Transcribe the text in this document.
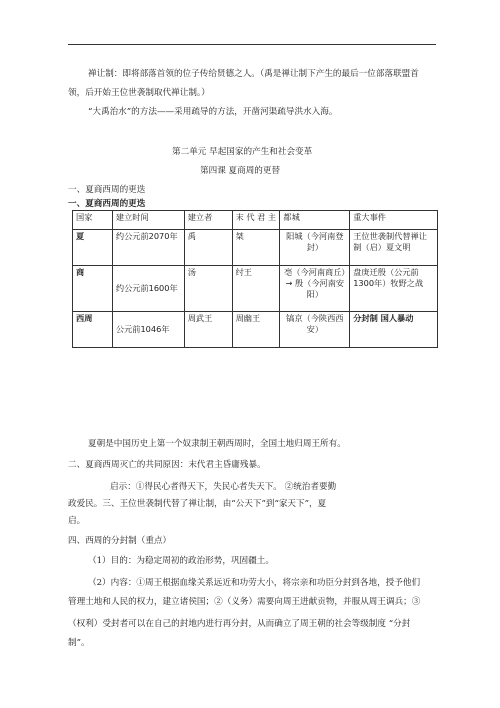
禅让制：即将部落首领的位子传给贤德之人。（禹是禅让制下产生的最后一位部落联盟首
领，后开始王位世袭制取代禅让制。）
“大禹治水”的方法——采用疏导的方法，开凿河渠疏导洪水入海。
第二单元 早起国家的产生和社会变革
第四课 夏商周的更替
一、夏商西周的更迭
一、夏商西周的更迭
国家	建立时间	建立者	末 代 君 主	都城	重大事件
夏	约公元前2070年	禹	桀	阳城（今河南登封）	王位世袭制代替禅让制（启）夏文明
商	约公元前1600年	汤	纣王	亳（今河南商丘）→ 殷（今河南安阳）	盘庚迁殷（公元前1300年）牧野之战
西周	公元前1046年	周武王	周幽王	镐京（今陕西西安）	分封制 国人暴动
夏朝是中国历史上第一个奴隶制王朝西周时，全国土地归周王所有。
二、夏商西周灭亡的共同原因：末代君主昏庸残暴。
启示：①得民心者得天下，失民心者失天下。 ②统治者要勤
政爱民。三、王位世袭制代替了禅让制，由“公天下”到“家天下”，夏
启。
四、西周的分封制（重点）
（1）目的：为稳定周初的政治形势，巩固疆土。
（2）内容：①周王根据血缘关系远近和功劳大小，将宗亲和功臣分封到各地，授予他们
管理土地和人民的权力，建立诸侯国；②（义务）需要向周王进献贡物，并服从周王调兵；③
（权利）受封者可以在自己的封地内进行再分封，从而确立了周王朝的社会等级制度 “分封
制”。
